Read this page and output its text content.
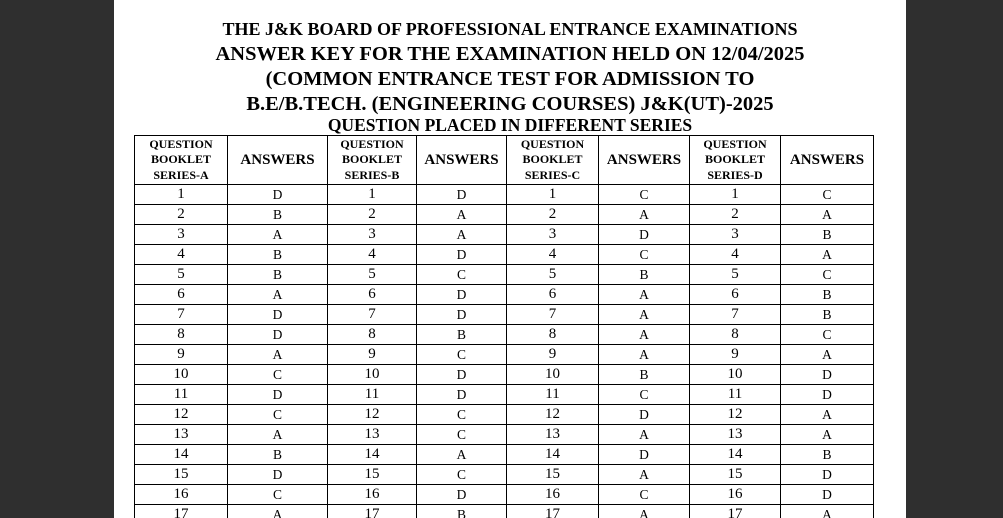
THE J&K BOARD OF PROFESSIONAL ENTRANCE EXAMINATIONS
ANSWER KEY FOR THE EXAMINATION HELD ON 12/04/2025
(COMMON ENTRANCE TEST FOR ADMISSION TO
B.E/B.TECH. (ENGINEERING COURSES) J&K(UT)-2025
QUESTION PLACED IN DIFFERENT SERIES
QUESTION
BOOKLET
SERIES-A	ANSWERS	QUESTION
BOOKLET
SERIES-B	ANSWERS	QUESTION
BOOKLET
SERIES-C	ANSWERS	QUESTION
BOOKLET
SERIES-D	ANSWERS
1	D	1	D	1	C	1	C
2	B	2	A	2	A	2	A
3	A	3	A	3	D	3	B
4	B	4	D	4	C	4	A
5	B	5	C	5	B	5	C
6	A	6	D	6	A	6	B
7	D	7	D	7	A	7	B
8	D	8	B	8	A	8	C
9	A	9	C	9	A	9	A
10	C	10	D	10	B	10	D
11	D	11	D	11	C	11	D
12	C	12	C	12	D	12	A
13	A	13	C	13	A	13	A
14	B	14	A	14	D	14	B
15	D	15	C	15	A	15	D
16	C	16	D	16	C	16	D
17	A	17	B	17	A	17	A
